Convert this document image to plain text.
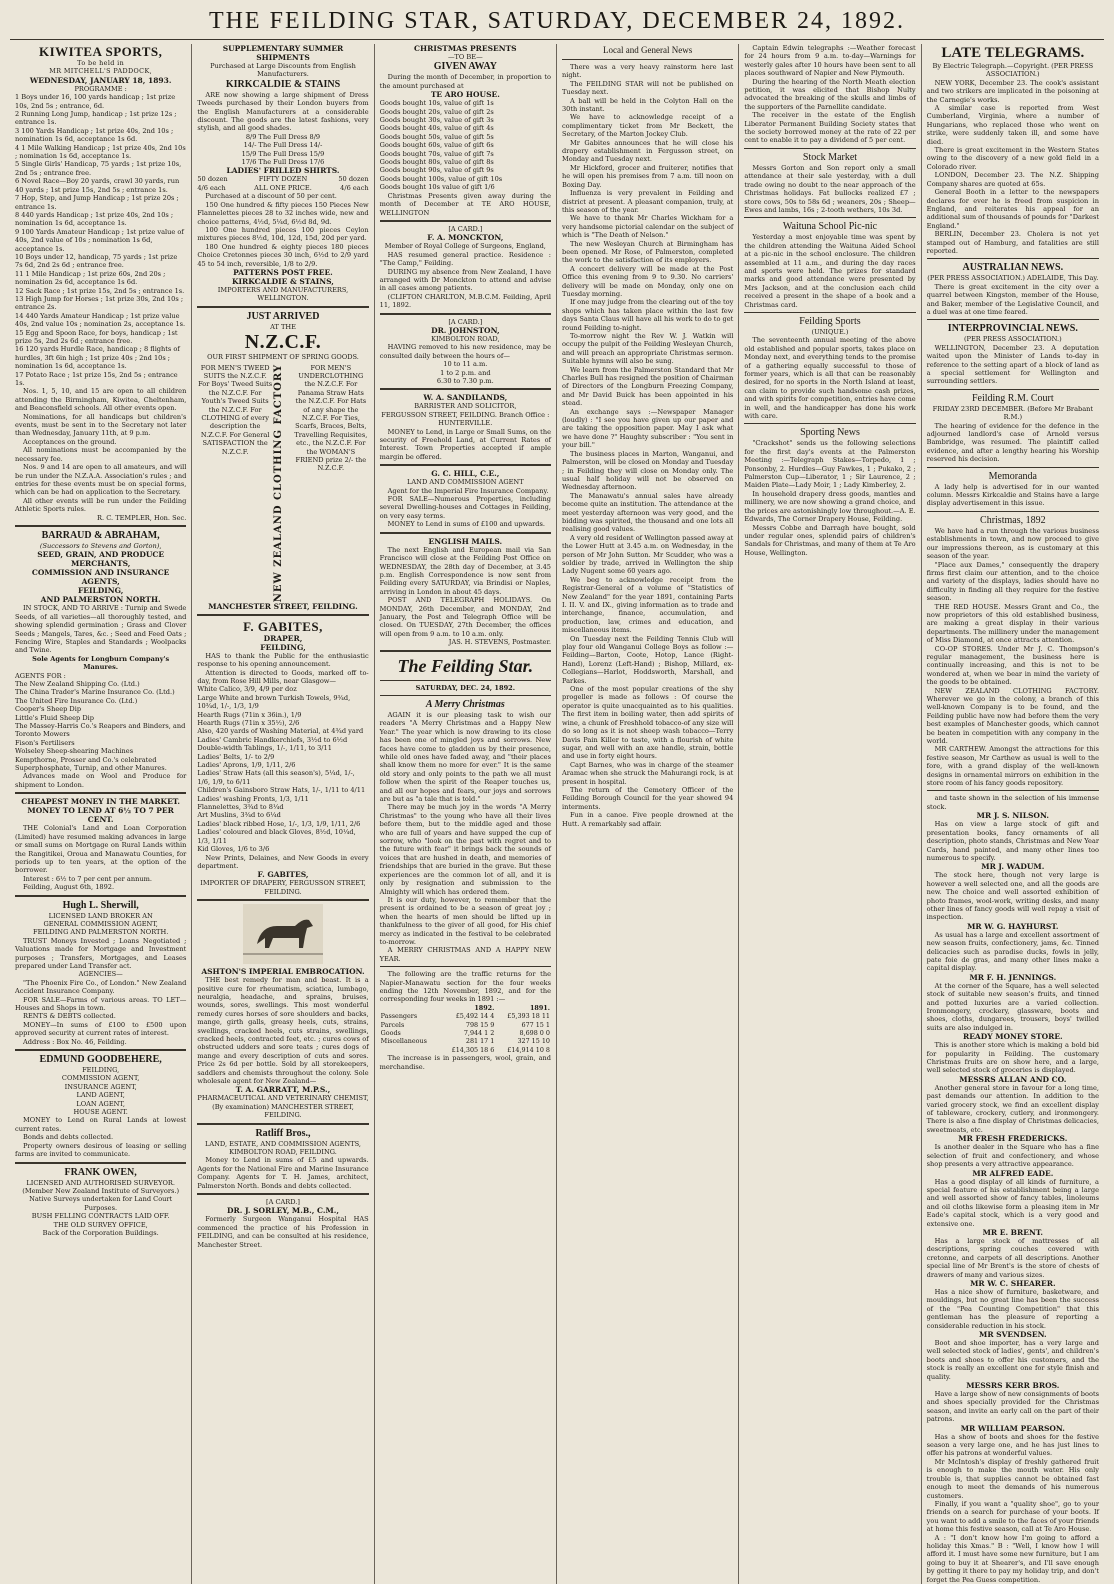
THE FEILDING STAR, SATURDAY, DECEMBER 24, 1892.
KIWITEA SPORTS,
To be held in
MR MITCHELL'S PADDOCK,
WEDNESDAY, JANUARY 18, 1893.
PROGRAMME :
1 Boys under 16, 100 yards handicap ; 1st prize 10s, 2nd 5s ; entrance, 6d.
2 Running Long Jump, handicap ; 1st prize 12s ; entrance 1s.
3 100 Yards Handicap ; 1st prize 40s, 2nd 10s ; nomination 1s 6d, acceptance 1s 6d.
4 1 Mile Walking Handicap ; 1st prize 40s, 2nd 10s ; nomination 1s 6d, acceptance 1s.
5 Single Girls' Handicap, 75 yards ; 1st prize 10s, 2nd 5s ; entrance free.
6 Novel Race—Boy 20 yards, crawl 30 yards, run 40 yards ; 1st prize 15s, 2nd 5s ; entrance 1s.
7 Hop, Step, and Jump Handicap ; 1st prize 20s ; entrance 1s.
8 440 yards Handicap ; 1st prize 40s, 2nd 10s ; nomination 1s 6d, acceptance 1s.
9 100 Yards Amateur Handicap ; 1st prize value of 40s, 2nd value of 10s ; nomination 1s 6d, acceptance 1s.
10 Boys under 12, handicap, 75 yards ; 1st prize 7s 6d, 2nd 2s 6d ; entrance free.
11 1 Mile Handicap ; 1st prize 60s, 2nd 20s ; nomination 2s 6d, acceptance 1s 6d.
12 Sack Race ; 1st prize 15s, 2nd 5s ; entrance 1s.
13 High Jump for Horses ; 1st prize 30s, 2nd 10s ; entrance 2s.
14 440 Yards Amateur Handicap ; 1st prize value 40s, 2nd value 10s ; nomination 2s, acceptance 1s.
15 Egg and Spoon Race, for boys, handicap ; 1st prize 5s, 2nd 2s 6d ; entrance free.
16 120 yards Hurdle Race, handicap ; 8 flights of hurdles, 3ft 6in high ; 1st prize 40s ; 2nd 10s ; nomination 1s 6d, acceptance 1s.
17 Potato Race ; 1st prize 15s, 2nd 5s ; entrance 1s.

Nos. 1, 5, 10, and 15 are open to all children attending the Birmingham, Kiwitea, Cheltenham, and Beaconsfield schools. All other events open.

Nominations, for all handicaps but children's events, must be sent in to the Secretary not later than Wednesday, January 11th, at 9 p.m.

Acceptances on the ground.

All nominations must be accompanied by the necessary fee.

Nos. 9 and 14 are open to all amateurs, and will be run under the N.Z.A.A. Association's rules ; and entries for these events must be on special forms, which can be had on application to the Secretary.

All other events will be run under the Feilding Athletic Sports rules.

R. C. TEMPLER, Hon. Sec.
BARRAUD & ABRAHAM,
(Successors to Stevens and Gorton),
SEED, GRAIN, AND PRODUCE MERCHANTS,
COMMISSION AND INSURANCE AGENTS,
FEILDING,
AND PALMERSTON NORTH.

IN STOCK, AND TO ARRIVE : Turnip and Swede Seeds, of all varieties—all thoroughly tested, and showing splendid germination ; Grass and Clover Seeds ; Mangels, Tares, &c. ; Seed and Feed Oats ; Fencing Wire, Staples and Standards ; Woolpacks and Twine.

Sole Agents for Longburn Company's Manures.
AGENTS FOR :
The New Zealand Shipping Co. (Ltd.)
The China Trader's Marine Insurance Co. (Ltd.)
The United Fire Insurance Co. (Ltd.)
Cooper's Sheep Dip
Little's Fluid Sheep Dip
The Massey-Harris Co.'s Reapers and Binders, and Toronto Mowers
Fison's Fertilisers
Wolseley Sheep-shearing Machines
Kempthorne, Prosser and Co.'s celebrated Superphosphate, Turnip, and other Manures.

Advances made on Wool and Produce for shipment to London.

CHEAPEST MONEY IN THE MARKET.
MONEY TO LEND AT 6½ TO 7 PER CENT.

THE Colonial's Land and Loan Corporation (Limited) have resumed making advances in large or small sums on Mortgage on Rural Lands within the Rangitikei, Oroua and Manawatu Counties, for periods up to ten years, at the option of the borrower.

Interest : 6½ to 7 per cent per annum.

Feilding, August 6th, 1892.

Hugh L. Sherwill,
LICENSED LAND BROKER AN
GENERAL COMMISSION AGENT,
FEILDING AND PALMERSTON NORTH.

TRUST Moneys Invested ; Loans Negotiated ; Valuations made for Mortgage and Investment purposes ; Transfers, Mortgages, and Leases prepared under Land Transfer act.

AGENCIES—

"The Phoenix Fire Co., of London." New Zealand Accident Insurance Company.

FOR SALE—Farms of various areas. TO LET—Houses and Shops in town.

RENTS & DEBTS collected.

MONEY—In sums of £100 to £500 upon approved security at current rates of interest.

Address : Box No. 46, Feilding.

EDMUND GOODBEHERE,
FEILDING,
COMMISSION AGENT,
INSURANCE AGENT,
LAND AGENT,
LOAN AGENT,
HOUSE AGENT.

MONEY to Lend on Rural Lands at lowest current rates.

Bonds and debts collected.

Property owners desirous of leasing or selling farms are invited to communicate.

FRANK OWEN,
LICENSED AND AUTHORISED SURVEYOR.
(Member New Zealand Institute of Surveyors.)
Native Surveys undertaken for Land Court Purposes.
BUSH FELLING CONTRACTS LAID OFF.
THE OLD SURVEY OFFICE,
Back of the Corporation Buildings.
SUPPLEMENTARY SUMMER SHIPMENTS
Purchased at Large Discounts from English Manufacturers.
KIRKCALDIE & STAINS

ARE now showing a large shipment of Dress Tweeds purchased by their London buyers from the English Manufacturers at a considerable discount. The goods are the latest fashions, very stylish, and all good shades.

8/9 The Full Dress 8/9
14/- The Full Dress 14/-
15/9 The Full Dress 15/9
17/6 The Full Dress 17/6
LADIES' FRILLED SHIRTS.
50 dozen	FIFTY DOZEN	50 dozen
4/6 each	ALL ONE PRICE.	4/6 each

Purchased at a discount of 50 per cent.

150 One hundred & fifty pieces 150 Pieces New Flannelettes pieces 28 to 32 inches wide, new and choice patterns, 4½d, 5¼d, 6½d 8d, 9d.

100 One hundred pieces 100 pieces Ceylon mixtures pieces 8½d, 10d, 12d, 15d, 20d per yard.

180 One hundred & eighty pieces 180 pieces Choice Cretonnes pieces 30 inch, 6½d to 2/9 yard 45 to 54 inch, reversible, 1/8 to 2/9.

PATTERNS POST FREE.
KIRKCALDIE & STAINS,
IMPORTERS AND MANUFACTURERS, WELLINGTON.
JUST ARRIVED
AT THE
N.Z.C.F.
OUR FIRST SHIPMENT OF SPRING GOODS.
FOR MEN'S TWEED SUITS the N.Z.C.F. For Boys' Tweed Suits the N.Z.C.F. For Youth's Tweed Suits the N.Z.C.F. For CLOTHING of every description the N.Z.C.F. For General SATISFACTION the N.Z.C.F.	NEW ZEALAND CLOTHING FACTORY	FOR MEN'S UNDERCLOTHING the N.Z.C.F. For Panama Straw Hats the N.Z.C.F. For Hats of any shape the N.Z.C.F. For Ties, Scarfs, Braces, Belts, Travelling Requisites, etc., the N.Z.C.F. For the WOMAN'S FRIEND prize 2/- the N.Z.C.F.
MANCHESTER STREET, FEILDING.
F. GABITES,
DRAPER,
FEILDING,

HAS to thank the Public for the enthusiastic response to his opening announcement.

Attention is directed to Goods, marked off to-day, from Rose Hill Mills, near Glasgow—

White Calico, 3/9, 4/9 per doz
Large White and brown Turkish Towels, 9¾d, 10¾d, 1/-, 1/3, 1/9
Hearth Rugs (71in x 36in.), 1/9
Hearth Rugs (71in x 35½), 2/6
Also, 420 yards of Washing Material, at 4¾d yard
Ladies' Cambric Handkerchiefs, 3½d to 6½d
Double-width Tablings, 1/-, 1/11, to 3/11
Ladies' Belts, 1/- to 2/9
Ladies' Aprons, 1/9, 1/11, 2/6
Ladies' Straw Hats (all this season's), 5¼d, 1/-, 1/6, 1/9, to 6/11
Children's Gainsboro Straw Hats, 1/-, 1/11 to 4/11
Ladies' washing Fronts, 1/3, 1/11
Flannelettes, 3¾d to 8¼d
Art Muslins, 3¾d to 6¼d
Ladies' black ribbed Hose, 1/-, 1/3, 1/9, 1/11, 2/6
Ladies' coloured and black Gloves, 8½d, 10¼d, 1/3, 1/11
Kid Gloves, 1/6 to 3/6

New Prints, Delaines, and New Goods in every department.

F. GABITES,
IMPORTER OF DRAPERY, FERGUSSON STREET, FEILDING.
ASHTON'S IMPERIAL EMBROCATION.

THE best remedy for man and beast. It is a positive cure for rheumatism, sciatica, lumbago, neuralgia, headache, and sprains, bruises, wounds, sores, swellings. This most wonderful remedy cures horses of sore shoulders and backs, mange, girth galls, greasy heels, cuts, strains, swellings, cracked heels, cuts strains, swellings, cracked heels, contracted feet, etc. ; cures cows of obstructed udders and sore teats ; cures dogs of mange and every description of cuts and sores. Price 2s 6d per bottle. Sold by all storekeepers, saddlers and chemists throughout the colony. Sole wholesale agent for New Zealand—

T. A. GARRATT, M.P.S.,
PHARMACEUTICAL AND VETERINARY CHEMIST, (By examination) MANCHESTER STREET, FEILDING.
Ratliff Bros.,
LAND, ESTATE, AND COMMISSION AGENTS,
KIMBOLTON ROAD, FEILDING.

Money to Lend in sums of £5 and upwards. Agents for the National Fire and Marine Insurance Company. Agents for T. H. James, architect, Palmerston North. Bonds and debts collected.

[A CARD.]
DR. J. SORLEY, M.B., C.M.,

Formerly Surgeon Wanganui Hospital HAS commenced the practice of his Profession in FEILDING, and can be consulted at his residence, Manchester Street.

CHRISTMAS PRESENTS
—TO BE—
GIVEN AWAY

During the month of December, in proportion to the amount purchased at

TE ARO HOUSE.
Goods bought 10s, value of gift 1s
Goods bought 20s, value of gift 2s
Goods bought 30s, value of gift 3s
Goods bought 40s, value of gift 4s
Goods bought 50s, value of gift 5s
Goods bought 60s, value of gift 6s
Goods bought 70s, value of gift 7s
Goods bought 80s, value of gift 8s
Goods bought 90s, value of gift 9s
Goods bought 100s, value of gift 10s
Goods bought 10s value of gift 1/6

Christmas Presents given away during the month of December at TE ARO HOUSE, WELLINGTON

[A CARD.]
F. A. MONCKTON,
Member of Royal College of Surgeons, England,

HAS resumed general practice. Residence : "The Camp," Feilding.

DURING my absence from New Zealand, I have arranged with Dr Monckton to attend and advise in all cases among patients.

(CLIFTON CHARLTON, M.B.C.M. Feilding, April 11, 1892.

[A CARD.]
DR. JOHNSTON,
KIMBOLTON ROAD,

HAVING removed to his new residence, may be consulted daily between the hours of—

10 to 11 a.m.
1 to 2 p.m. and
6.30 to 7.30 p.m.
W. A. SANDILANDS,
BARRISTER AND SOLICITOR,
FERGUSSON STREET, FEILDING. Branch Office : HUNTERVILLE.

MONEY to Lend, in Large or Small Sums, on the security of Freehold Land, at Current Rates of Interest. Town Properties accepted if ample margin be offered.

G. C. HILL, C.E.,
LAND AND COMMISSION AGENT

Agent for the Imperial Fire Insurance Company.

FOR SALE—Numerous Properties, including several Dwelling-houses and Cottages in Feilding, on very easy terms.

MONEY to Lend in sums of £100 and upwards.

ENGLISH MAILS.

The next English and European mail via San Francisco will close at the Feilding Post Office on WEDNESDAY, the 28th day of December, at 3.45 p.m. English Correspondence is now sent from Feilding every SATURDAY, via Brindisi or Naples, arriving in London in about 45 days.

POST AND TELEGRAPH HOLIDAYS. On MONDAY, 26th December, and MONDAY, 2nd January, the Post and Telegraph Office will be closed. On TUESDAY, 27th December, the offices will open from 9 a.m. to 10 a.m. only.

JAS. H. STEVENS, Postmaster.
The Feilding Star.
SATURDAY, DEC. 24, 1892.
A Merry Christmas

AGAIN it is our pleasing task to wish our readers "A Merry Christmas and a Happy New Year." The year which is now drawing to its close has been one of mingled joys and sorrows. New faces have come to gladden us by their presence, while old ones have faded away, and "their places shall know them no more for ever." It is the same old story and only points to the path we all must follow when the spirit of the Reaper touches us, and all our hopes and fears, our joys and sorrows are but as "a tale that is told."

There may be much joy in the words "A Merry Christmas" to the young who have all their lives before them, but to the middle aged and those who are full of years and have supped the cup of sorrow, who "look on the past with regret and to the future with fear" it brings back the sounds of voices that are hushed in death, and memories of friendships that are buried in the grave. But these experiences are the common lot of all, and it is only by resignation and submission to the Almighty will which has ordered them.

It is our duty, however, to remember that the present is ordained to be a season of great joy ; when the hearts of men should be lifted up in thankfulness to the giver of all good, for His chief mercy as indicated in the festival to be celebrated to-morrow.

A MERRY CHRISTMAS AND A HAPPY NEW YEAR.

The following are the traffic returns for the Napier-Manawatu section for the four weeks ending the 12th November, 1892, and for the corresponding four weeks in 1891 :—

	1892.	1891.
Passengers	£5,492 14 4	£5,393 18 11
Parcels	798 15 9	677 15 1
Goods	7,944 1 2	8,698 0 0
Miscellaneous	281 17 1	327 15 10
	£14,305 18 6	£14,914 10 8

The increase is in passengers, wool, grain, and merchandise.

Local and General News

There was a very heavy rainstorm here last night.

The FEILDING STAR will not be published on Tuesday next.

A ball will be held in the Colyton Hall on the 30th instant.

We have to acknowledge receipt of a complimentary ticket from Mr Beckett, the Secretary, of the Marton Jockey Club.

Mr Gabites announces that he will close his drapery establishment in Fergusson street, on Monday and Tuesday next.

Mr Hickford, grocer and fruiterer, notifies that he will open his premises from 7 a.m. till noon on Boxing Day.

Influenza is very prevalent in Feilding and district at present. A pleasant companion, truly, at this season of the year.

We have to thank Mr Charles Wickham for a very handsome pictorial calendar on the subject of which is "The Death of Nelson."

The new Wesleyan Church at Birmingham has been opened. Mr Rose, of Palmerston, completed the work to the satisfaction of its employers.

A concert delivery will be made at the Post Office this evening from 9 to 9.30. No carriers' delivery will be made on Monday, only one on Tuesday morning.

If one may judge from the clearing out of the toy shops which has taken place within the last few days Santa Claus will have all his work to do to get round Feilding to-night.

To-morrow night the Rev W. J. Watkin will occupy the pulpit of the Feilding Wesleyan Church, and will preach an appropriate Christmas sermon. Suitable hymns will also be sung.

We learn from the Palmerston Standard that Mr Charles Bull has resigned the position of Chairman of Directors of the Longburn Freezing Company, and Mr David Buick has been appointed in his stead.

An exchange says :—Newspaper Manager (loudly) : "I see you have given up our paper and are taking the opposition paper. May I ask what we have done ?" Haughty subscriber : "You sent in your bill."

The business places in Marton, Wanganui, and Palmerston, will be closed on Monday and Tuesday ; in Feilding they will close on Monday only. The usual half holiday will not be observed on Wednesday afternoon.

The Manawatu's annual sales have already become quite an institution. The attendance at the meet yesterday afternoon was very good, and the bidding was spirited, the thousand and one lots all realising good values.

A very old resident of Wellington passed away at the Lower Hutt at 3.45 a.m. on Wednesday, in the person of Mr John Sutton. Mr Scudder, who was a soldier by trade, arrived in Wellington the ship Lady Nugent some 60 years ago.

We beg to acknowledge receipt from the Registrar-General of a volume of "Statistics of New Zealand" for the year 1891, containing Parts I. II. V. and IX., giving information as to trade and interchange, finance, accumulation, and production, law, crimes and education, and miscellaneous items.

On Tuesday next the Feilding Tennis Club will play four old Wanganui College Boys as follow :—Feilding—Barton, Coote, Hotop, Lance (Right-Hand), Lorenz (Left-Hand) ; Bishop, Millard, ex-Collegians—Harlot, Hoddsworth, Marshall, and Parkes.

One of the most popular creations of the shy progeller is made as follows : Of course the operator is quite unacquainted as to his qualities. The first item in boiling water, then add spirits of wine, a chunk of Freshhold tobacco-of any size will do so long as it is not sheep wash tobacco—Terry Davis Pain Killer to taste, with a flourish of white sugar, and well with an axe handle, strain, bottle and use in forty eight hours.

Capt Barnes, who was in charge of the steamer Aramac when she struck the Mahurangi rock, is at present in hospital.

The return of the Cemetery Officer of the Feilding Borough Council for the year showed 94 interments.

Fun in a canoe. Five people drowned at the Hutt. A remarkably sad affair.

Captain Edwin telegraphs :—Weather forecast for 24 hours from 9 a.m. to-day—Warnings for westerly gales after 10 hours have been sent to all places southward of Napier and New Plymouth.

During the hearing of the North Meath election petition, it was elicited that Bishop Nulty advocated the breaking of the skulls and limbs of the supporters of the Parnellite candidate.

The receiver in the estate of the English Liberator Permanent Building Society states that the society borrowed money at the rate of 22 per cent to enable it to pay a dividend of 5 per cent.

Stock Market

Messrs Gorton and Son report only a small attendance at their sale yesterday, with a dull trade owing no doubt to the near approach of the Christmas holidays. Fat bullocks realized £7 ; store cows, 50s to 58s 6d ; weaners, 20s ; Sheep—Ewes and lambs, 16s ; 2-tooth wethers, 10s 3d.

Waituna School Pic-nic

Yesterday a most enjoyable time was spent by the children attending the Waituna Aided School at a pic-nic in the school enclosure. The children assembled at 11 a.m., and during the day races and sports were held. The prizes for standard marks and good attendance were presented by Mrs Jackson, and at the conclusion each child received a present in the shape of a book and a Christmas card.

Feilding Sports
(UNIQUE.)

The seventeenth annual meeting of the above old established and popular sports, takes place on Monday next, and everything tends to the promise of a gathering equally successful to those of former years, which is all that can be reasonably desired, for no sports in the North Island at least, can claim to provide such handsome cash prizes, and with spirits for competition, entries have come in well, and the handicapper has done his work with care.

Sporting News

"Crackshot" sends us the following selections for the first day's events at the Palmerston Meeting :—Telegraph Stakes—Torpedo, 1 ; Ponsonby, 2. Hurdles—Guy Fawkes, 1 ; Pukako, 2 ; Palmerston Cup—Liberator, 1 ; Sir Laurence, 2 ; Maiden Plate—Lady Moir, 1 ; Lady Kimberley, 2.

In household drapery dress goods, mantles and millinery, we are now showing a grand choice, and the prices are astonishingly low throughout.—A. E. Edwards, The Corner Drapery House, Feilding.

Messrs Cobbe and Darragh have bought, sold under regular ones, splendid pairs of children's Sandals for Christmas, and many of them at Te Aro House, Wellington.

LATE TELEGRAMS.
By Electric Telegraph.—Copyright. (PER PRESS ASSOCIATION.)

NEW YORK, December 23. The cook's assistant and two strikers are implicated in the poisoning at the Carnegie's works.

A similar case is reported from West Cumberland, Virginia, where a number of Hungarians, who replaced those who went on strike, were suddenly taken ill, and some have died.

There is great excitement in the Western States owing to the discovery of a new gold field in a Colorado river.

LONDON, December 23. The N.Z. Shipping Company shares are quoted at 65s.

General Booth in a letter to the newspapers declares for ever he is freed from suspicion in England, and reiterates his appeal for an additional sum of thousands of pounds for "Darkest England."

BERLIN, December 23. Cholera is not yet stamped out of Hamburg, and fatalities are still reported.

AUSTRALIAN NEWS.
(PER PRESS ASSOCIATION.) ADELAIDE, This Day.

There is great excitement in the city over a quarrel between Kingston, member of the House, and Baker, member of the Legislative Council, and a duel was at one time feared.

INTERPROVINCIAL NEWS.
(PER PRESS ASSOCIATION.)

WELLINGTON, December 23. A deputation waited upon the Minister of Lands to-day in reference to the setting apart of a block of land as a special settlement for Wellington and surrounding settlers.

Feilding R.M. Court
FRIDAY 23RD DECEMBER. (Before Mr Brabant R.M.)

The hearing of evidence for the defence in the adjourned landlord's case of Arnold versus Bambridge, was resumed. The plaintiff called evidence, and after a lengthy hearing his Worship reserved his decision.

Memoranda

A lady help is advertised for in our wanted column. Messrs Kirkcaldie and Stains have a large display advertisement in this issue.

Christmas, 1892

We have had a run through the various business establishments in town, and now proceed to give our impressions thereon, as is customary at this season of the year.

"Place aux Dames," consequently the drapery firms first claim our attention, and to the choice and variety of the displays, ladies should have no difficulty in finding all they require for the festive season.

THE RED HOUSE. Messrs Grant and Co., the now proprietors of this old established business, are making a great display in their various departments. The millinery under the management of Miss Diamond, at once attracts attention.

CO-OP STORES. Under Mr J. C. Thompson's regular management, the business here is continually increasing, and this is not to be wondered at, when we bear in mind the variety of the goods to be obtained.

NEW ZEALAND CLOTHING FACTORY. Wherever we go in the colony, a branch of this well-known Company is to be found, and the Feilding public have now had before them the very best examples of Manchester goods, which cannot be beaten in competition with any company in the world.

MR CARTHEW. Amongst the attractions for this festive season, Mr Carthew as usual is well to the fore, with a grand display of the well-known designs in ornamental mirrors on exhibition in the store room of his fancy goods repository.

and taste shown in the selection of his immense stock.

MR J. S. NILSON.

Has on view a large stock of gift and presentation books, fancy ornaments of all description, photo stands, Christmas and New Year Cards, hand painted, and many other lines too numerous to specify.

MR J. WADUM.

The stock here, though not very large is however a well selected one, and all the goods are new. The choice and well assorted exhibition of photo frames, wool-work, writing desks, and many other lines of fancy goods will well repay a visit of inspection.

MR W. G. HAYHURST.

As usual has a large and excellent assortment of new season fruits, confectionery, jams, &c. Tinned delicacies such as paradise ducks, fowls in jelly, pate foie de gras, and many other lines make a capital display.

MR F. H. JENNINGS.

At the corner of the Square, has a well selected stock of suitable new season's fruits, and tinned and potted luxuries are a varied collection. Ironmongery, crockery, glassware, boots and shoes, cloths, dungarees, trousers, boys' twilled suits are also indulged in.

READY MONEY STORE.

This is another store which is making a bold bid for popularity in Feilding. The customary Christmas fruits are on show here, and a large, well selected stock of groceries is displayed.

MESSRS ALLAN AND CO.

Another general store in favour for a long time, past demands our attention. In addition to the varied grocery stock, we find an excellent display of tableware, crockery, cutlery, and ironmongery. There is also a fine display of Christmas delicacies, sweetmeats, etc.

MR FRESH FREDERICKS.

Is another dealer in the Square who has a fine selection of fruit and confectionery, and whose shop presents a very attractive appearance.

MR ALFRED EADE.

Has a good display of all kinds of furniture, a special feature of his establishment being a large and well assorted show of fancy tables, linoleums and oil cloths likewise form a pleasing item in Mr Eade's capital stock, which is a very good and extensive one.

MR E. BRENT.

Has a large stock of mattresses of all descriptions, spring couches covered with cretonne, and carpets of all descriptions. Another special line of Mr Brent's is the store of chests of drawers of many and various sizes.

MR W. C. SHEARER.

Has a nice show of furniture, basketware, and mouldings, but no great line has been the success of the "Pea Counting Competition" that this gentleman has the pleasure of reporting a considerable reduction in his stock.

MR SVENDSEN.

Boot and shoe importer, has a very large and well selected stock of ladies', gents', and children's boots and shoes to offer his customers, and the stock is really an excellent one for style finish and quality.

MESSRS KERR BROS.

Have a large show of new consignments of boots and shoes specially provided for the Christmas season, and invite an early call on the part of their patrons.

MR WILLIAM PEARSON.

Has a show of boots and shoes for the festive season a very large one, and he has just lines to offer his patrons at wonderful values.

Mr McIntosh's display of freshly gathered fruit is enough to make the mouth water. His only trouble is, that supplies cannot be obtained fast enough to meet the demands of his numerous customers.

Finally, if you want a "quality shoe", go to your friends on a search for purchase of your boots. If you want to add a smile to the faces of your friends at home this festive season, call at Te Aro House.

A : "I don't know how I'm going to afford a holiday this Xmas." B : "Well, I know how I will afford it. I must have some new furniture, but I am going to buy it at Shearer's, and I'll save enough by getting it there to pay my holiday trip, and don't forget the Pea Guess competition.
